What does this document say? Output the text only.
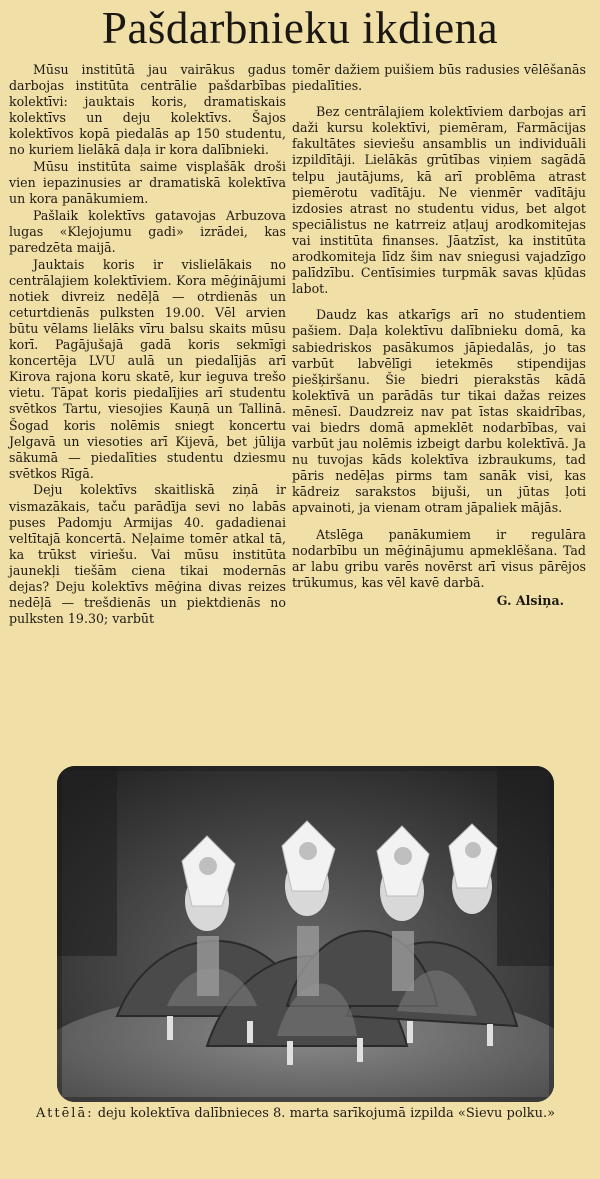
Pašdarbnieku ikdiena

Mūsu institūtā jau vairākus gadus darbojas institūta centrālie pašdarbības kolektīvi: jauktais koris, dramatiskais kolektīvs un deju kolektīvs. Šajos kolektīvos kopā piedalās ap 150 studentu, no kuriem lielākā daļa ir kora dalībnieki.

Mūsu institūta saime visplašāk droši vien iepazinusies ar dramatiskā kolektīva un kora panākumiem.

Pašlaik kolektīvs gatavojas Arbuzova lugas «Klejojumu gadi» izrādei, kas paredzēta maijā.

Jauktais koris ir vislielākais no centrālajiem kolektīviem. Kora mēģinājumi notiek divreiz nedēļā — otrdienās un ceturtdienās pulksten 19.00. Vēl arvien būtu vēlams lielāks vīru balsu skaits mūsu korī. Pagājušajā gadā koris sekmīgi koncertēja LVU aulā un piedalījās arī Kirova rajona koru skatē, kur ieguva trešo vietu. Tāpat koris piedalījies arī studentu svētkos Tartu, viesojies Kauņā un Tallinā. Šogad koris nolēmis sniegt koncertu Jelgavā un viesoties arī Kijevā, bet jūlija sākumā — piedalīties studentu dziesmu svētkos Rīgā.

Deju kolektīvs skaitliskā ziņā ir vismazākais, taču parādīja sevi no labās puses Padomju Armijas 40. gadadienai veltītajā koncertā. Neļaime tomēr atkal tā, ka trūkst viriešu. Vai mūsu institūta jaunekļi tiešām ciena tikai modernās dejas? Deju kolektīvs mēģina divas reizes nedēļā — trešdienās un piektdienās no pulksten 19.30; varbūt

tomēr dažiem puišiem būs radusies vēlēšanās piedalīties.

Bez centrālajiem kolektīviem darbojas arī daži kursu kolektīvi, piemēram, Farmācijas fakultātes sieviešu ansamblis un individuāli izpildītāji. Lielākās grūtības viņiem sagādā telpu jautājums, kā arī problēma atrast piemērotu vadītāju. Ne vienmēr vadītāju izdosies atrast no studentu vidus, bet algot speciālistus ne katrreiz atļauj arodkomitejas vai institūta finanses. Jāatzīst, ka institūta arodkomiteja līdz šim nav sniegusi vajadzīgo palīdzību. Centīsimies turpmāk savas kļūdas labot.

Daudz kas atkarīgs arī no studentiem pašiem. Daļa kolektīvu dalībnieku domā, ka sabiedriskos pasākumos jāpiedalās, jo tas varbūt labvēlīgi ietekmēs stipendijas piešķiršanu. Šie biedri pierakstās kādā kolektīvā un parādās tur tikai dažas reizes mēnesī. Daudzreiz nav pat īstas skaidrības, vai biedrs domā apmeklēt nodarbības, vai varbūt jau nolēmis izbeigt darbu kolektīvā. Ja nu tuvojas kāds kolektīva izbraukums, tad pāris nedēļas pirms tam sanāk visi, kas kādreiz sarakstos bijuši, un jūtas ļoti apvainoti, ja vienam otram jāpaliek mājās.

Atslēga panākumiem ir regulāra nodarbību un mēģinājumu apmeklēšana. Tad ar labu gribu varēs novērst arī visus pārējos trūkumus, kas vēl kavē darbā.

G. Alsiņa.
Attēlā: deju kolektīva dalībnieces 8. marta sarīkojumā izpilda «Sievu polku.»
